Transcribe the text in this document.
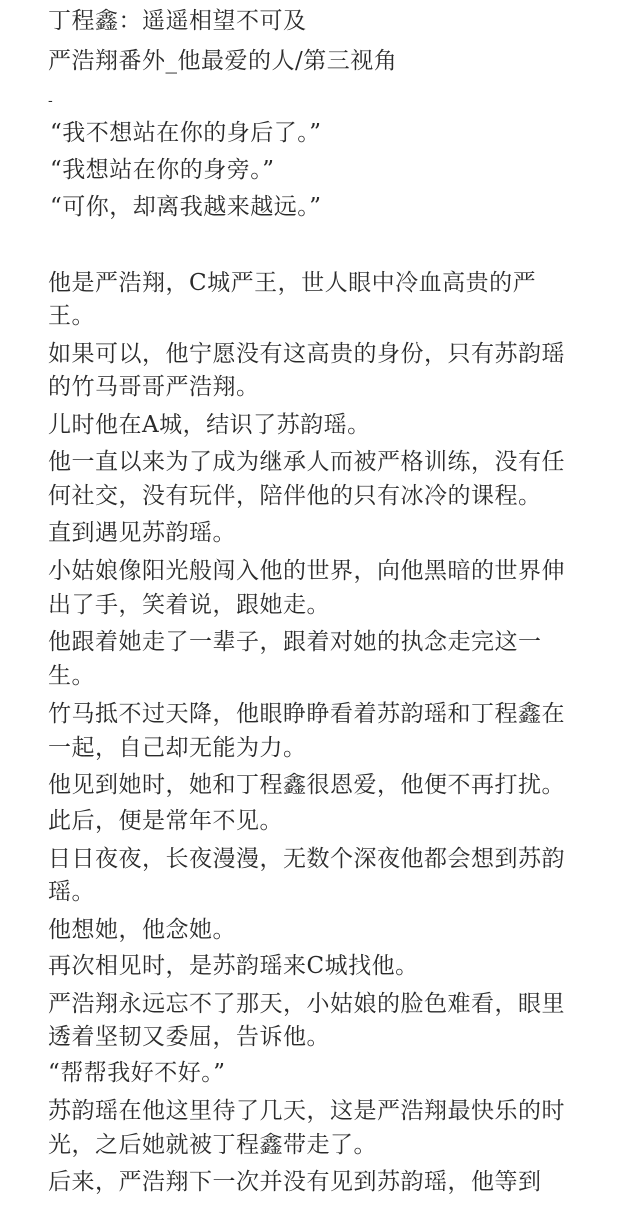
丁程鑫：遥遥相望不可及
严浩翔番外_他最爱的人/第三视角
-
“我不想站在你的身后了。”
“我想站在你的身旁。”
“可你，却离我越来越远。”
他是严浩翔，C城严王，世人眼中冷血高贵的严
王。
如果可以，他宁愿没有这高贵的身份，只有苏韵瑶
的竹马哥哥严浩翔。
儿时他在A城，结识了苏韵瑶。
他一直以来为了成为继承人而被严格训练，没有任
何社交，没有玩伴，陪伴他的只有冰冷的课程。
直到遇见苏韵瑶。
小姑娘像阳光般闯入他的世界，向他黑暗的世界伸
出了手，笑着说，跟她走。
他跟着她走了一辈子，跟着对她的执念走完这一
生。
竹马抵不过天降，他眼睁睁看着苏韵瑶和丁程鑫在
一起，自己却无能为力。
他见到她时，她和丁程鑫很恩爱，他便不再打扰。
此后，便是常年不见。
日日夜夜，长夜漫漫，无数个深夜他都会想到苏韵
瑶。
他想她，他念她。
再次相见时，是苏韵瑶来C城找他。
严浩翔永远忘不了那天，小姑娘的脸色难看，眼里
透着坚韧又委屈，告诉他。
“帮帮我好不好。”
苏韵瑶在他这里待了几天，这是严浩翔最快乐的时
光，之后她就被丁程鑫带走了。
后来，严浩翔下一次并没有见到苏韵瑶，他等到
